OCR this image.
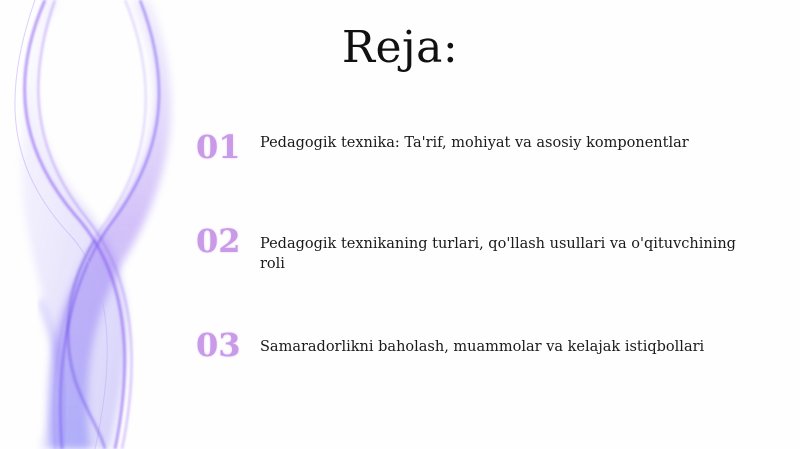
Reja:
01	Pedagogik texnika: Ta'rif, mohiyat va asosiy komponentlar
02	Pedagogik texnikaning turlari, qo'llash usullari va o'qituvchining roli
03	Samaradorlikni baholash, muammolar va kelajak istiqbollari
